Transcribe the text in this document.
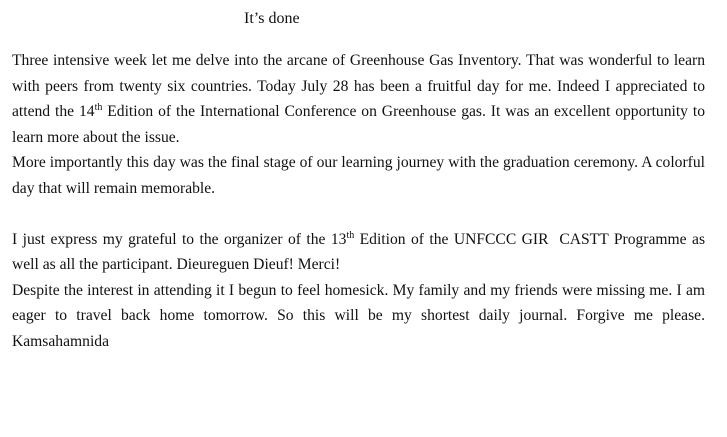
It’s done

Three intensive week let me delve into the arcane of Greenhouse Gas Inventory. That was wonderful to learn with peers from twenty six countries. Today July 28 has been a fruitful day for me. Indeed I appreciated to attend the 14th Edition of the International Conference on Greenhouse gas. It was an excellent opportunity to learn more about the issue.

More importantly this day was the final stage of our learning journey with the graduation ceremony. A colorful day that will remain memorable.

I just express my grateful to the organizer of the 13th Edition of the UNFCCC GIR  CASTT Programme as well as all the participant. Dieureguen Dieuf! Merci!

Despite the interest in attending it I begun to feel homesick. My family and my friends were missing me. I am eager to travel back home tomorrow. So this will be my shortest daily journal. Forgive me please. Kamsahamnida
